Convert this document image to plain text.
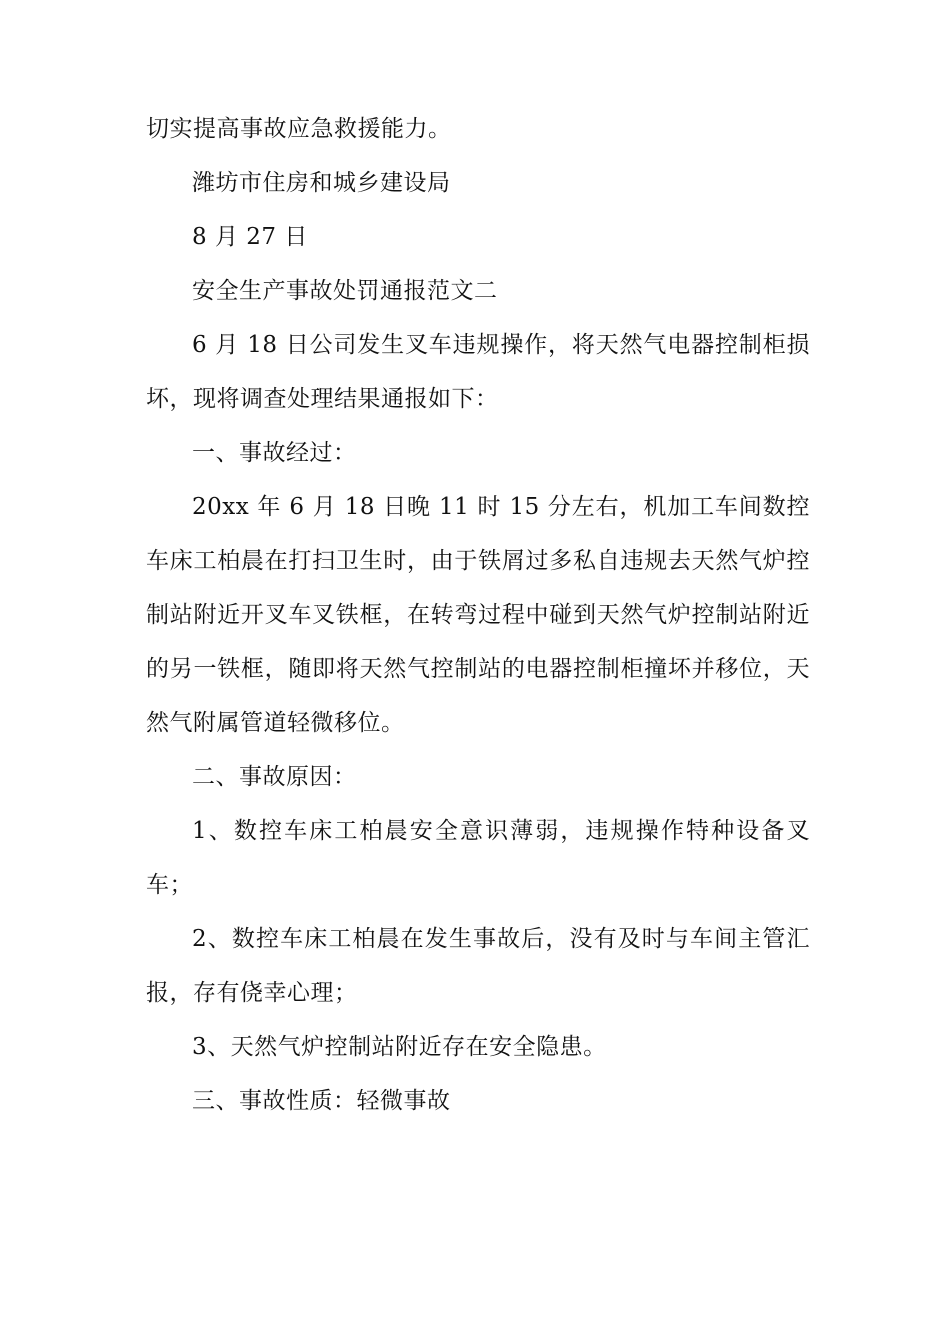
切实提高事故应急救援能力。

潍坊市住房和城乡建设局

8 月 27 日

安全生产事故处罚通报范文二

6 月 18 日公司发生叉车违规操作，将天然气电器控制柜损坏，现将调查处理结果通报如下：

一、事故经过：

20xx 年 6 月 18 日晚 11 时 15 分左右，机加工车间数控车床工柏晨在打扫卫生时，由于铁屑过多私自违规去天然气炉控制站附近开叉车叉铁框，在转弯过程中碰到天然气炉控制站附近的另一铁框，随即将天然气控制站的电器控制柜撞坏并移位，天然气附属管道轻微移位。

二、事故原因：

1、数控车床工柏晨安全意识薄弱，违规操作特种设备叉车；

2、数控车床工柏晨在发生事故后，没有及时与车间主管汇报，存有侥幸心理；

3、天然气炉控制站附近存在安全隐患。

三、事故性质：轻微事故
